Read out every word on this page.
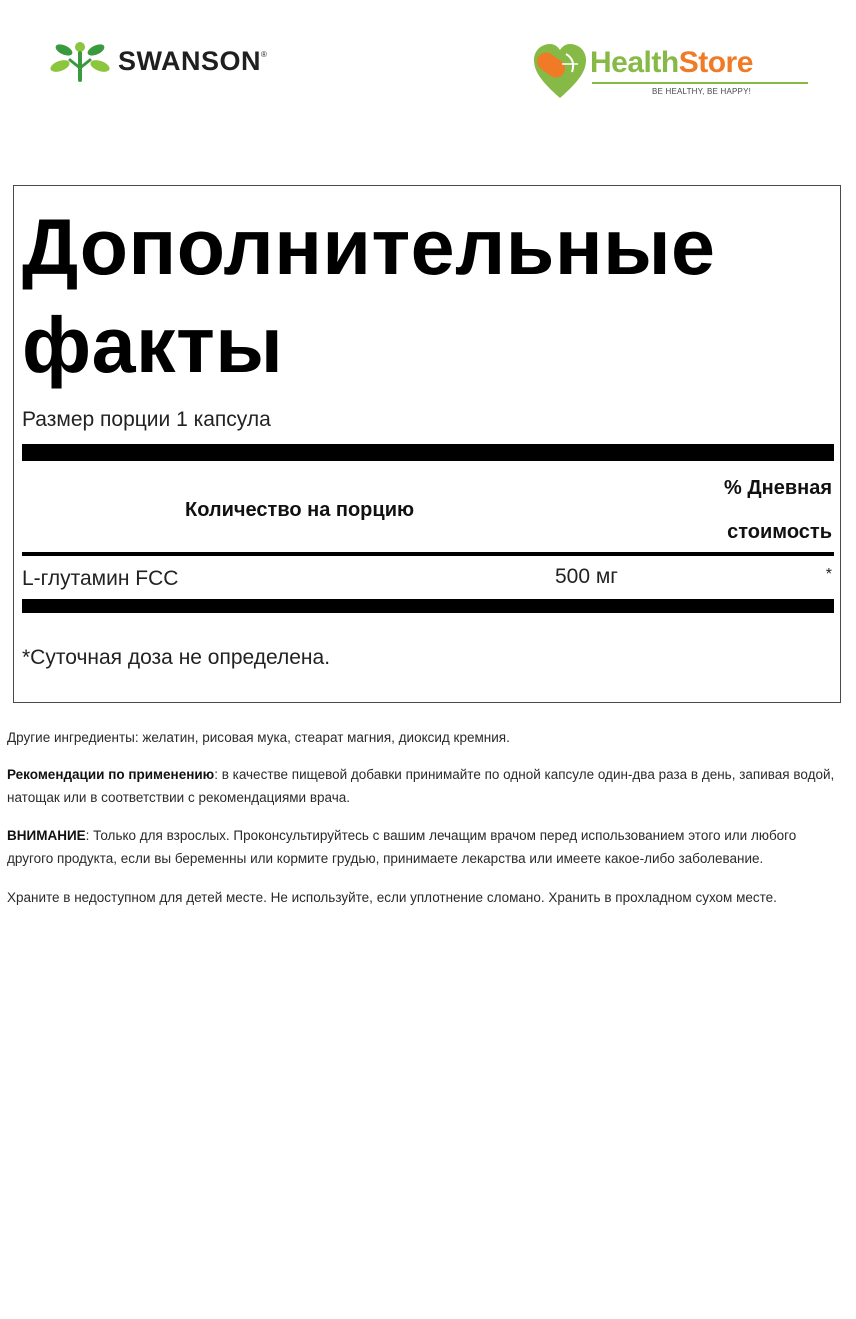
SWANSON®	HealthStore
BE HEALTHY, BE HAPPY!
Дополнительные факты
Размер порции 1 капсула
Количество на порцию
% Дневная
стоимость
L-глутамин FCC	500 мг	*
*Суточная доза не определена.
Другие ингредиенты: желатин, рисовая мука, стеарат магния, диоксид кремния.
Рекомендации по применению: в качестве пищевой добавки принимайте по одной капсуле один-два раза в день, запивая водой, натощак или в соответствии с рекомендациями врача.
ВНИМАНИЕ: Только для взрослых. Проконсультируйтесь с вашим лечащим врачом перед использованием этого или любого другого продукта, если вы беременны или кормите грудью, принимаете лекарства или имеете какое-либо заболевание.
Храните в недоступном для детей месте. Не используйте, если уплотнение сломано. Хранить в прохладном сухом месте.
